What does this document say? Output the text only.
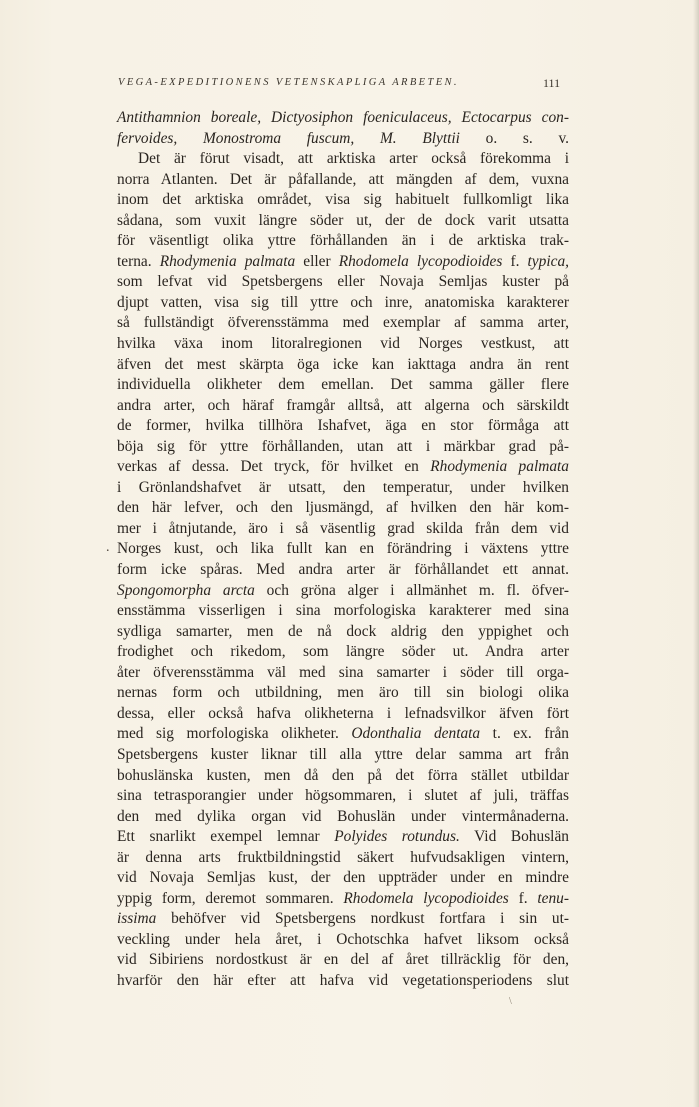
VEGA-EXPEDITIONENS VETENSKAPLIGA ARBETEN.	111
Antithamnion boreale, Dictyosiphon foeniculaceus, Ectocarpus con-
fervoides, Monostroma fuscum, M. Blyttii o. s. v.
Det är förut visadt, att arktiska arter också förekomma i
norra Atlanten. Det är påfallande, att mängden af dem, vuxna
inom det arktiska området, visa sig habituelt fullkomligt lika
sådana, som vuxit längre söder ut, der de dock varit utsatta
för väsentligt olika yttre förhållanden än i de arktiska trak-
terna. Rhodymenia palmata eller Rhodomela lycopodioides f. typica,
som lefvat vid Spetsbergens eller Novaja Semljas kuster på
djupt vatten, visa sig till yttre och inre, anatomiska karakterer
så fullständigt öfverensstämma med exemplar af samma arter,
hvilka växa inom litoralregionen vid Norges vestkust, att
äfven det mest skärpta öga icke kan iakttaga andra än rent
individuella olikheter dem emellan. Det samma gäller flere
andra arter, och häraf framgår alltså, att algerna och särskildt
de former, hvilka tillhöra Ishafvet, äga en stor förmåga att
böja sig för yttre förhållanden, utan att i märkbar grad på-
verkas af dessa. Det tryck, för hvilket en Rhodymenia palmata
i Grönlandshafvet är utsatt, den temperatur, under hvilken
den här lefver, och den ljusmängd, af hvilken den här kom-
mer i åtnjutande, äro i så väsentlig grad skilda från dem vid
Norges kust, och lika fullt kan en förändring i växtens yttre
form icke spåras. Med andra arter är förhållandet ett annat.
Spongomorpha arcta och gröna alger i allmänhet m. fl. öfver-
ensstämma visserligen i sina morfologiska karakterer med sina
sydliga samarter, men de nå dock aldrig den yppighet och
frodighet och rikedom, som längre söder ut. Andra arter
åter öfverensstämma väl med sina samarter i söder till orga-
nernas form och utbildning, men äro till sin biologi olika
dessa, eller också hafva olikheterna i lefnadsvilkor äfven fört
med sig morfologiska olikheter. Odonthalia dentata t. ex. från
Spetsbergens kuster liknar till alla yttre delar samma art från
bohuslänska kusten, men då den på det förra stället utbildar
sina tetrasporangier under högsommaren, i slutet af juli, träffas
den med dylika organ vid Bohuslän under vintermånaderna.
Ett snarlikt exempel lemnar Polyides rotundus. Vid Bohuslän
är denna arts fruktbildningstid säkert hufvudsakligen vintern,
vid Novaja Semljas kust, der den uppträder under en mindre
yppig form, deremot sommaren. Rhodomela lycopodioides f. tenu-
issima behöfver vid Spetsbergens nordkust fortfara i sin ut-
veckling under hela året, i Ochotschka hafvet liksom också
vid Sibiriens nordostkust är en del af året tillräcklig för den,
hvarför den här efter att hafva vid vegetationsperiodens slut
.
\
